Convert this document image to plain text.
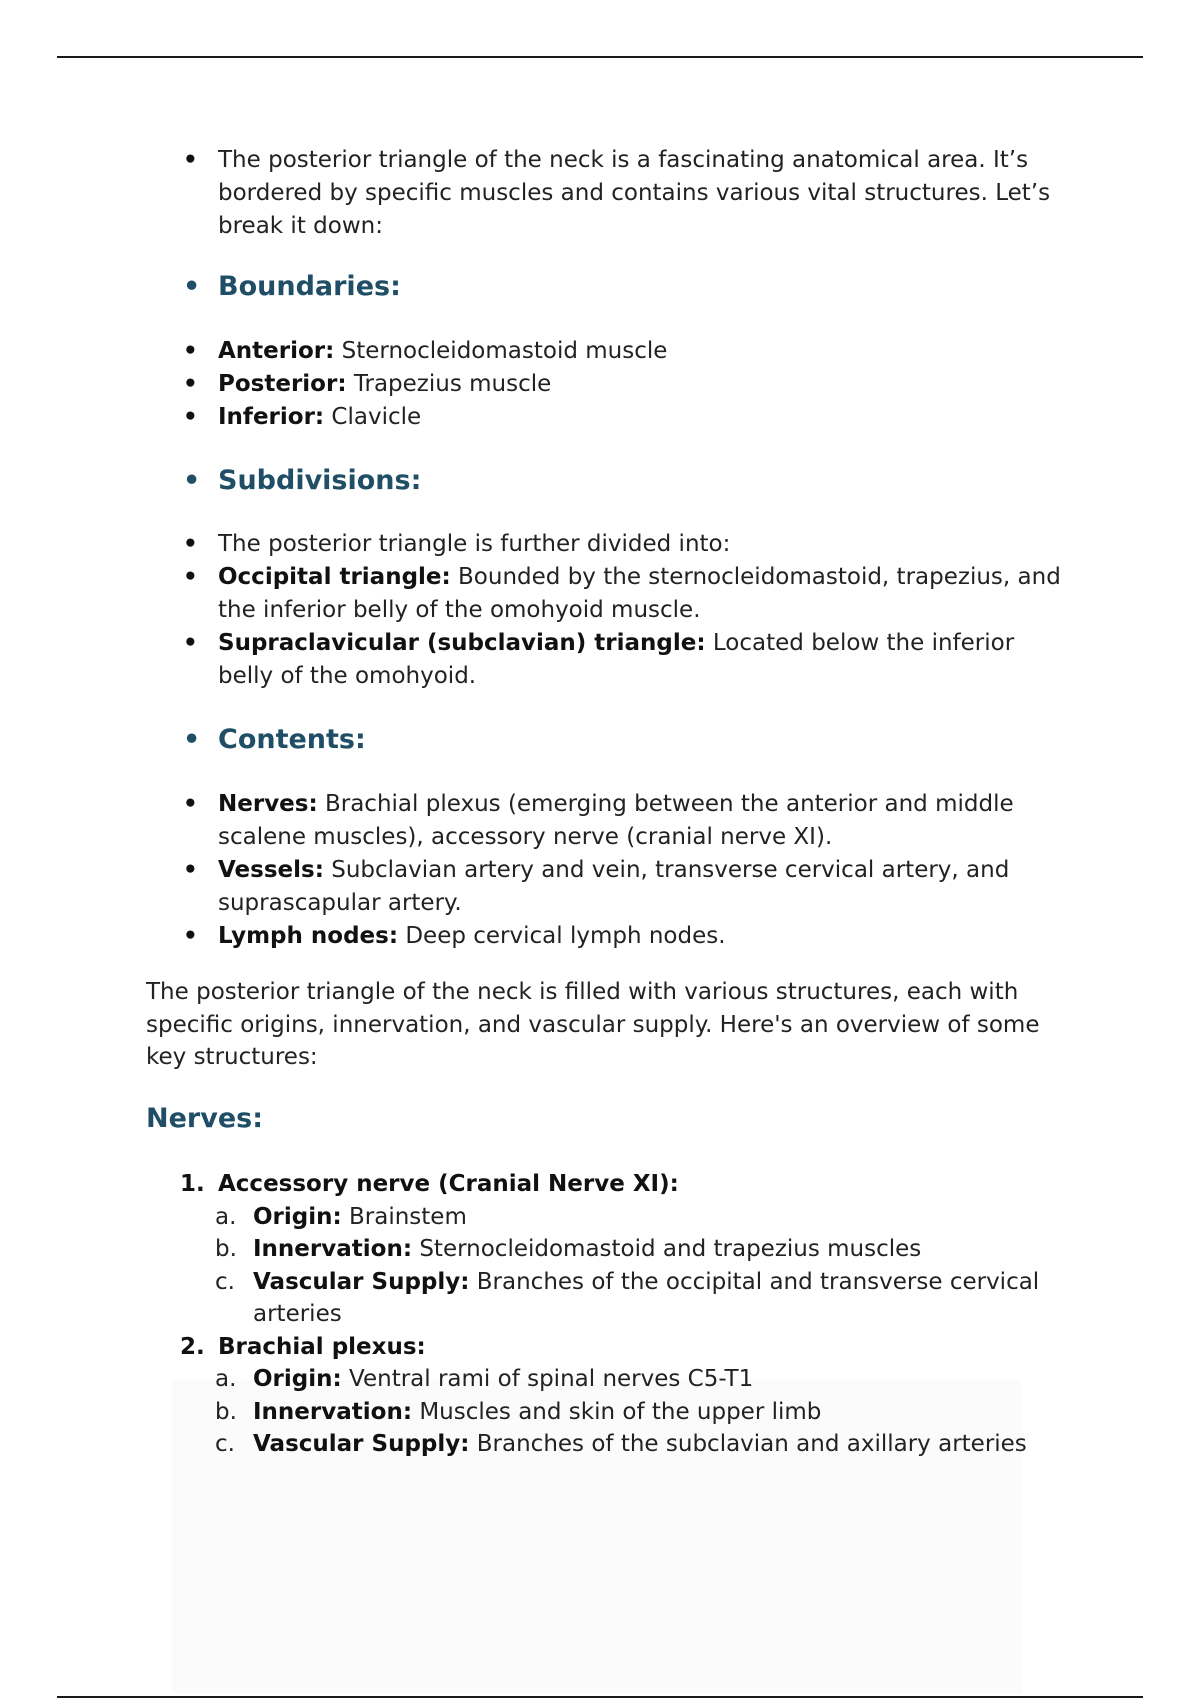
• The posterior triangle of the neck is a fascinating anatomical area. It’s bordered by specific muscles and contains various vital structures. Let’s break it down:
• Boundaries:
• Anterior: Sternocleidomastoid muscle
• Posterior: Trapezius muscle
• Inferior: Clavicle
• Subdivisions:
• The posterior triangle is further divided into:
• Occipital triangle: Bounded by the sternocleidomastoid, trapezius, and the inferior belly of the omohyoid muscle.
• Supraclavicular (subclavian) triangle: Located below the inferior belly of the omohyoid.
• Contents:
• Nerves: Brachial plexus (emerging between the anterior and middle scalene muscles), accessory nerve (cranial nerve XI).
• Vessels: Subclavian artery and vein, transverse cervical artery, and suprascapular artery.
• Lymph nodes: Deep cervical lymph nodes.

The posterior triangle of the neck is filled with various structures, each with specific origins, innervation, and vascular supply. Here's an overview of some key structures:

Nerves:
1. Accessory nerve (Cranial Nerve XI):
a. Origin: Brainstem
b. Innervation: Sternocleidomastoid and trapezius muscles
c. Vascular Supply: Branches of the occipital and transverse cervical arteries
2. Brachial plexus:
a. Origin: Ventral rami of spinal nerves C5-T1
b. Innervation: Muscles and skin of the upper limb
c. Vascular Supply: Branches of the subclavian and axillary arteries
